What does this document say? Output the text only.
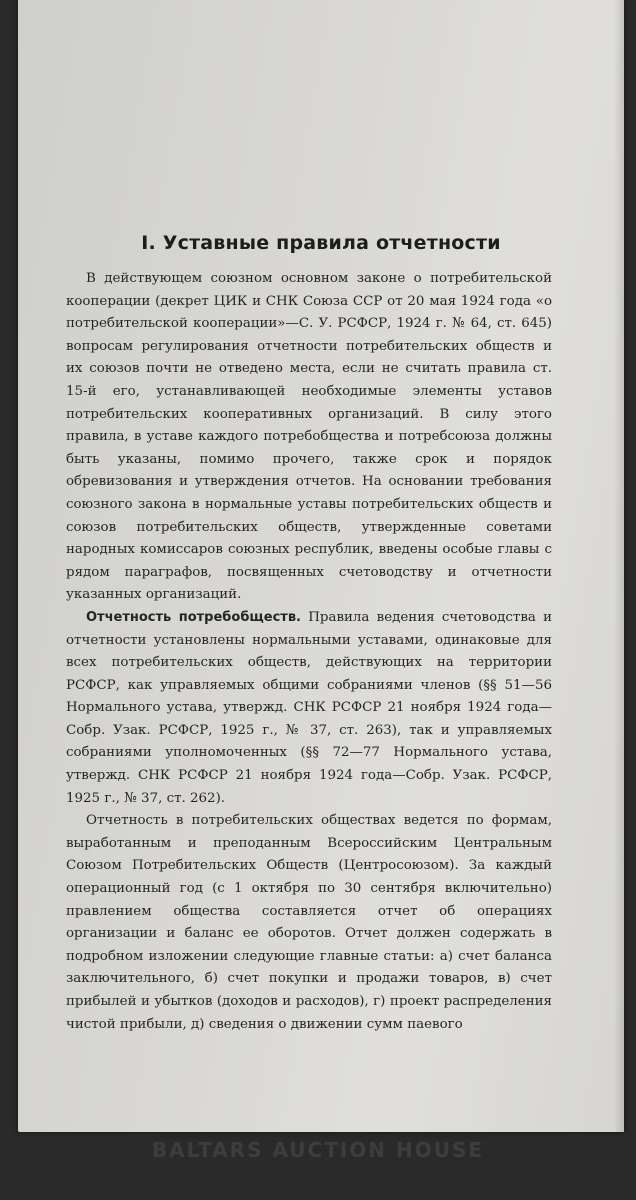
I. Уставные правила отчетности

В действующем союзном основном законе о потребительской кооперации (декрет ЦИК и СНК Союза ССР от 20 мая 1924 года «о потребительской кооперации»—С. У. РСФСР, 1924 г. № 64, ст. 645) вопросам регулирования отчетности потребительских обществ и их союзов почти не отведено места, если не считать правила ст. 15-й его, устанавливающей необходимые элементы уставов потребительских кооперативных организаций. В силу этого правила, в уставе каждого потребобщества и потребсоюза должны быть указаны, помимо прочего, также срок и порядок обревизования и утверждения отчетов. На основании требования союзного закона в нормальные уставы потребительских обществ и союзов потребительских обществ, утвержденные советами народных комиссаров союзных республик, введены особые главы с рядом параграфов, посвященных счетоводству и отчетности указанных организаций.

Отчетность потребобществ. Правила ведения счетоводства и отчетности установлены нормальными уставами, одинаковые для всех потребительских обществ, действующих на территории РСФСР, как управляемых общими собраниями членов (§§ 51—56 Нормального устава, утвержд. СНК РСФСР 21 ноября 1924 года—Собр. Узак. РСФСР, 1925 г., № 37, ст. 263), так и управляемых собраниями уполномоченных (§§ 72—77 Нормального устава, утвержд. СНК РСФСР 21 ноября 1924 года—Собр. Узак. РСФСР, 1925 г., № 37, ст. 262).

Отчетность в потребительских обществах ведется по формам, выработанным и преподанным Всероссийским Центральным Союзом Потребительских Обществ (Центросоюзом). За каждый операционный год (с 1 октября по 30 сентября включительно) правлением общества составляется отчет об операциях организации и баланс ее оборотов. Отчет должен содержать в подробном изложении следующие главные статьи: а) счет баланса заключительного, б) счет покупки и продажи товаров, в) счет прибылей и убытков (доходов и расходов), г) проект распределения чистой прибыли, д) сведения о движении сумм паевого

BALTARS AUCTION HOUSE
